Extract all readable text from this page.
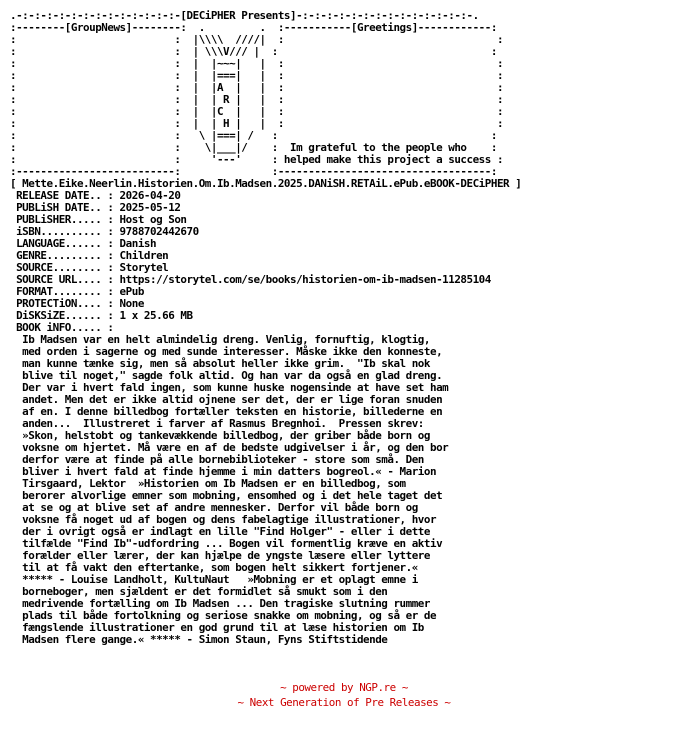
.-:-:-:-:-:-:-:-:-:-:-:-:-:-[DECiPHER Presents]-:-:-:-:-:-:-:-:-:-:-:-:-:-:-.
:--------[GroupNews]--------:  .         .  :-----------[Greetings]------------:
:                          :  |\\\\  ////|  :                                   :
:                          :  | \\\V/// |  :                                   :
:                          :  |  |~~~|   |  :                                   :
:                          :  |  |===|   |  :                                   :
:                          :  |  |A  |   |  :                                   :
:                          :  |  | R |   |  :                                   :
:                          :  |  |C  |   |  :                                   :
:                          :  |  | H |   |  :                                   :
:                          :   \ |===| /   :                                   :
:                          :    \|___|/    :  Im grateful to the people who    :
:                          :     '---'     : helped make this project a success :
:--------------------------:               :-----------------------------------:
[ Mette.Eike.Neerlin.Historien.Om.Ib.Madsen.2025.DANiSH.RETAiL.ePub.eBOOK-DECiPHER ]
RELEASE DATE.. : 2026-04-20
PUBLiSH DATE.. : 2025-05-12
PUBLiSHER..... : Host og Son
iSBN.......... : 9788702442670
LANGUAGE...... : Danish
GENRE......... : Children
SOURCE........ : Storytel
SOURCE URL.... : https://storytel.com/se/books/historien-om-ib-madsen-11285104
FORMAT........ : ePub
PROTECTiON.... : None
DiSKSiZE...... : 1 x 25.66 MB
BOOK iNFO..... :
Ib Madsen var en helt almindelig dreng. Venlig, fornuftig, klogtig,
med orden i sagerne og med sunde interesser. Måske ikke den konneste,
man kunne tænke sig, men så absolut heller ikke grim.  "Ib skal nok
blive til noget," sagde folk altid. Og han var da også en glad dreng.
Der var i hvert fald ingen, som kunne huske nogensinde at have set ham
andet. Men det er ikke altid ojnene ser det, der er lige foran snuden
af en. I denne billedbog fortæller teksten en historie, billederne en
anden...  Illustreret i farver af Rasmus Bregnhoi.  Pressen skrev:
»Skon, helstobt og tankevækkende billedbog, der griber både born og
voksne om hjertet. Må være en af de bedste udgivelser i år, og den bor
derfor være at finde på alle bornebiblioteker - store som små. Den
bliver i hvert fald at finde hjemme i min datters bogreol.« - Marion
Tirsgaard, Lektor  »Historien om Ib Madsen er en billedbog, som
berorer alvorlige emner som mobning, ensomhed og i det hele taget det
at se og at blive set af andre mennesker. Derfor vil både born og
voksne få noget ud af bogen og dens fabelagtige illustrationer, hvor
der i ovrigt også er indlagt en lille "Find Holger" - eller i dette
tilfælde "Find Ib"-udfordring ... Bogen vil formentlig kræve en aktiv
forælder eller lærer, der kan hjælpe de yngste læsere eller lyttere
til at få vakt den eftertanke, som bogen helt sikkert fortjener.«
***** - Louise Landholt, KultuNaut   »Mobning er et oplagt emne i
borneboger, men sjældent er det formidlet så smukt som i den
medrivende fortælling om Ib Madsen ... Den tragiske slutning rummer
plads til både fortolkning og seriose snakke om mobning, og så er de
fængslende illustrationer en god grund til at læse historien om Ib
Madsen flere gange.« ***** - Simon Staun, Fyns Stiftstidende
~ powered by NGP.re ~
~ Next Generation of Pre Releases ~
